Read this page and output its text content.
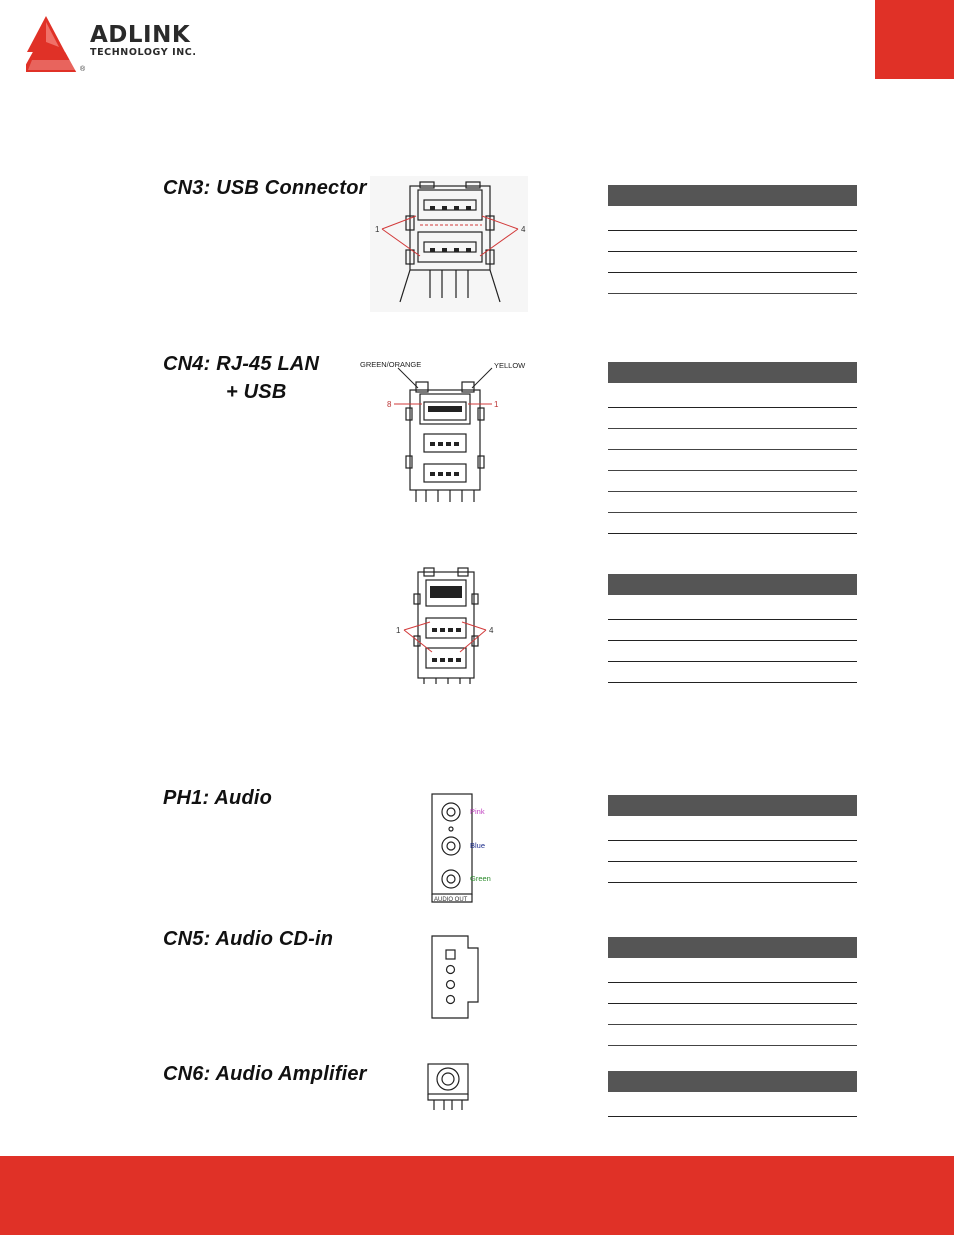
®
ADLINK
TECHNOLOGY INC.
CN3: USB Connector
1	4
CN4: RJ-45 LAN
+ USB
GREEN/ORANGE	YELLOW
8	1
1	4
PH1: Audio
Pink
Blue
Green
AUDIO OUT
CN5: Audio CD-in
CN6: Audio Amplifier
